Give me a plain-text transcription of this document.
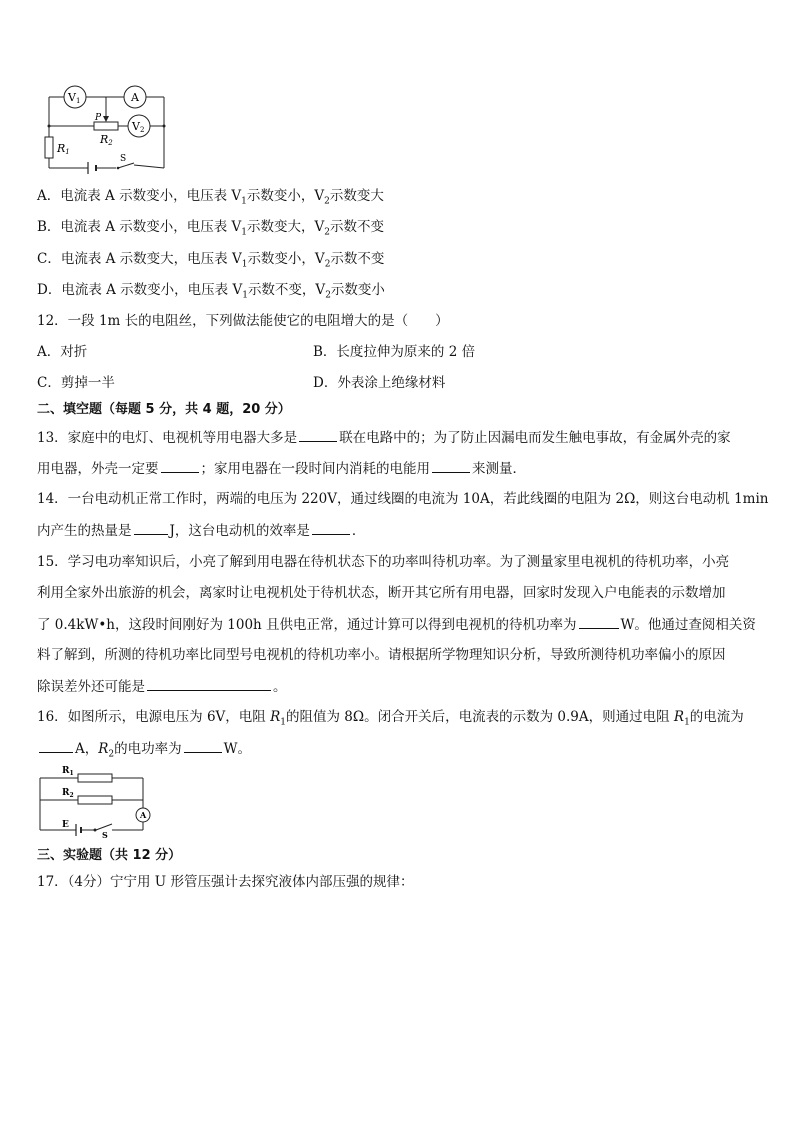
V1	A
V2
P
R2
R1
S
A．电流表 A 示数变小，电压表 $V_1$示数变小，$V_2$示数变大
B．电流表 A 示数变小，电压表 $V_1$示数变大，$V_2$示数不变
C．电流表 A 示数变大，电压表 $V_1$示数变小，$V_2$示数不变
D．电流表 A 示数变小，电压表 $V_1$示数不变，$V_2$示数变小
12．一段 1m 长的电阻丝，下列做法能使它的电阻增大的是（　　）
A．对折	B．长度拉伸为原来的 2 倍
C．剪掉一半	D．外表涂上绝缘材料
二、填空题（每题 5 分，共 4 题，20 分）
13．家庭中的电灯、电视机等用电器大多是	联在电路中的；为了防止因漏电而发生触电事故，有金属外壳的家
用电器，外壳一定要	；家用电器在一段时间内消耗的电能用	来测量．
14．一台电动机正常工作时，两端的电压为 220V，通过线圈的电流为 10A，若此线圈的电阻为 2Ω，则这台电动机 1min
内产生的热量是	J，这台电动机的效率是	．
15．学习电功率知识后，小亮了解到用电器在待机状态下的功率叫待机功率。为了测量家里电视机的待机功率，小亮
利用全家外出旅游的机会，离家时让电视机处于待机状态，断开其它所有用电器，回家时发现入户电能表的示数增加
了 0.4kW•h，这段时间刚好为 100h 且供电正常，通过计算可以得到电视机的待机功率为	W。他通过查阅相关资
料了解到，所测的待机功率比同型号电视机的待机功率小。请根据所学物理知识分析，导致所测待机功率偏小的原因
除误差外还可能是	。
16．如图所示，电源电压为 6V，电阻 $R_1$的阻值为 8Ω。闭合开关后，电流表的示数为 0.9A，则通过电阻 $R_1$的电流为
A，$R_2$的电功率为	W。
$R_1$
$R_2$
A
E
S
三、实验题（共 12 分）
17．（4分）宁宁用 U 形管压强计去探究液体内部压强的规律：
